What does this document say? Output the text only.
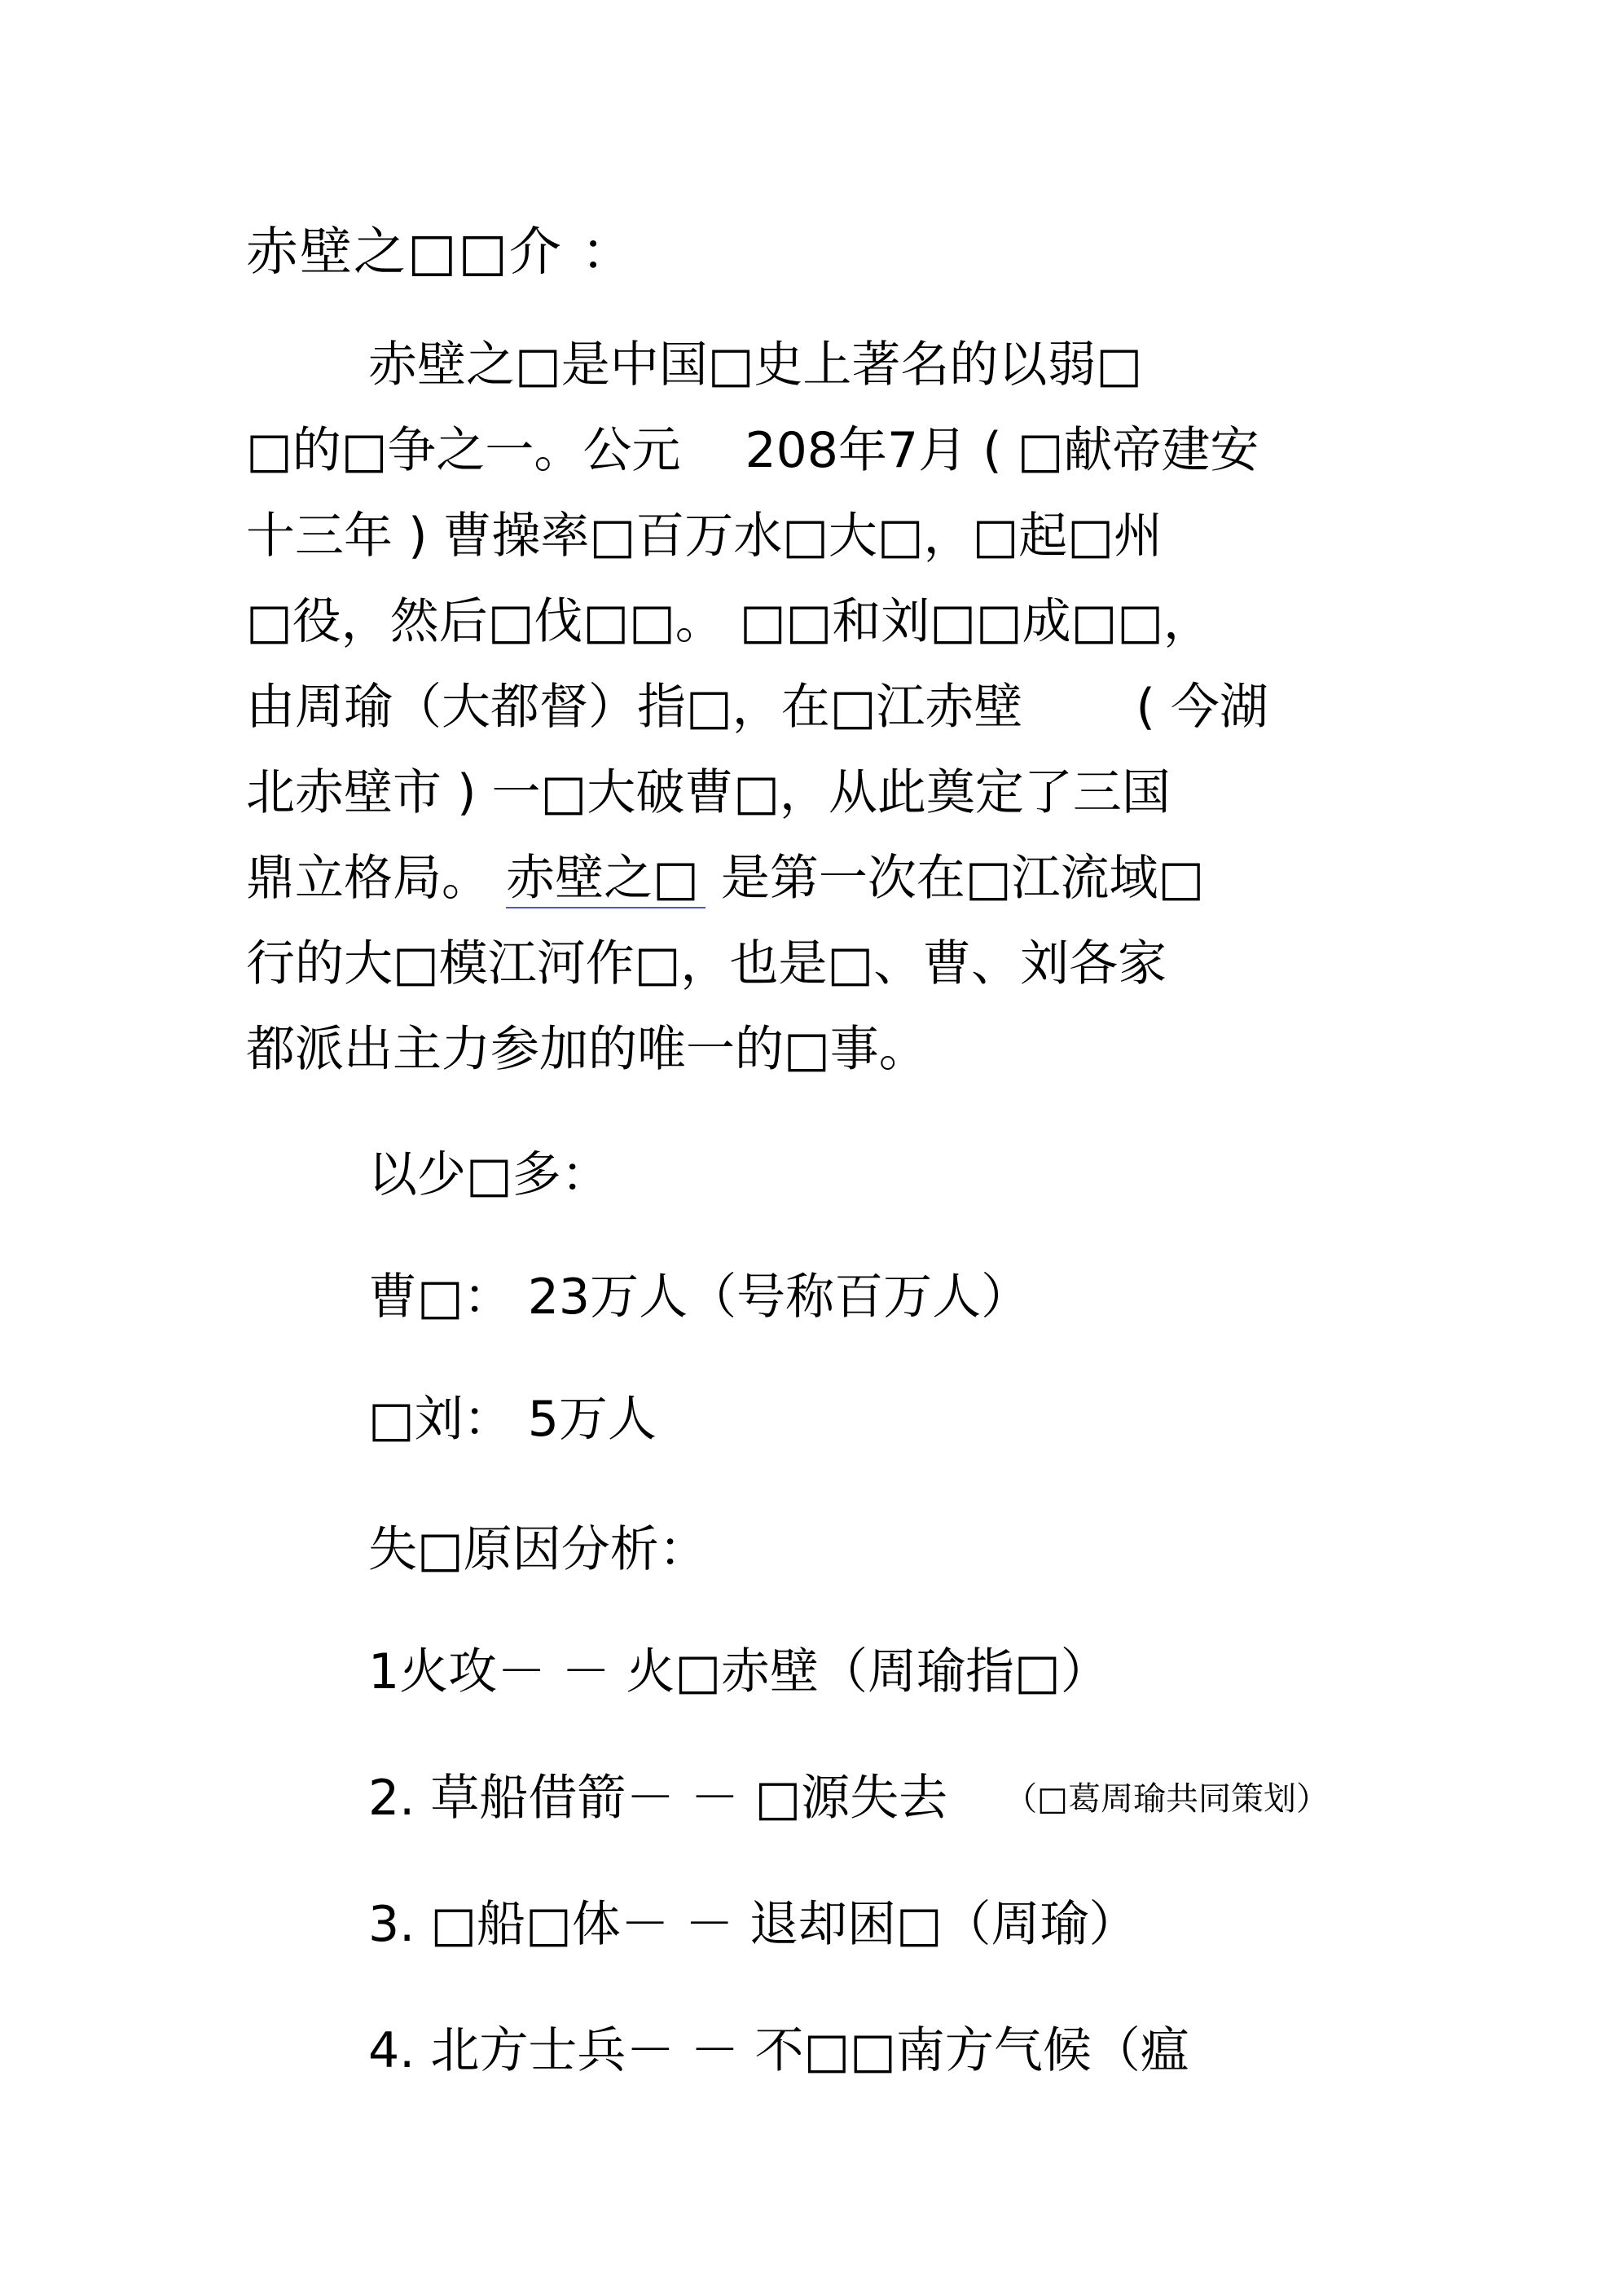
赤壁之□□介 ：
赤壁之□是中国□史上著名的以弱□
□的□争之一。公元　 208年7月 ( □献帝建安
十三年 ) 曹操率□百万水□大□，□起□州
□役，然后□伐□□。 □□和刘□□成□□，
由周瑜（大都督）指□，在□江赤壁　　 ( 今湖
北赤壁市 ) 一□大破曹□，从此奠定了三国
鼎立格局。 赤壁之□ 是第一次在□江流域□
行的大□模江河作□，也是□、曹、刘各家
都派出主力参加的唯一的□事。
以少□多：
曹□： 23万人（号称百万人）
□刘： 5万人
失□原因分析：
1火攻－ － 火□赤壁（周瑜指□）
2. 草船借箭－ － □源失去 （□葛周瑜共同策划）
3. □船□体－ － 退却困□（周瑜）
4. 北方士兵－ － 不□□南方气候（瘟
